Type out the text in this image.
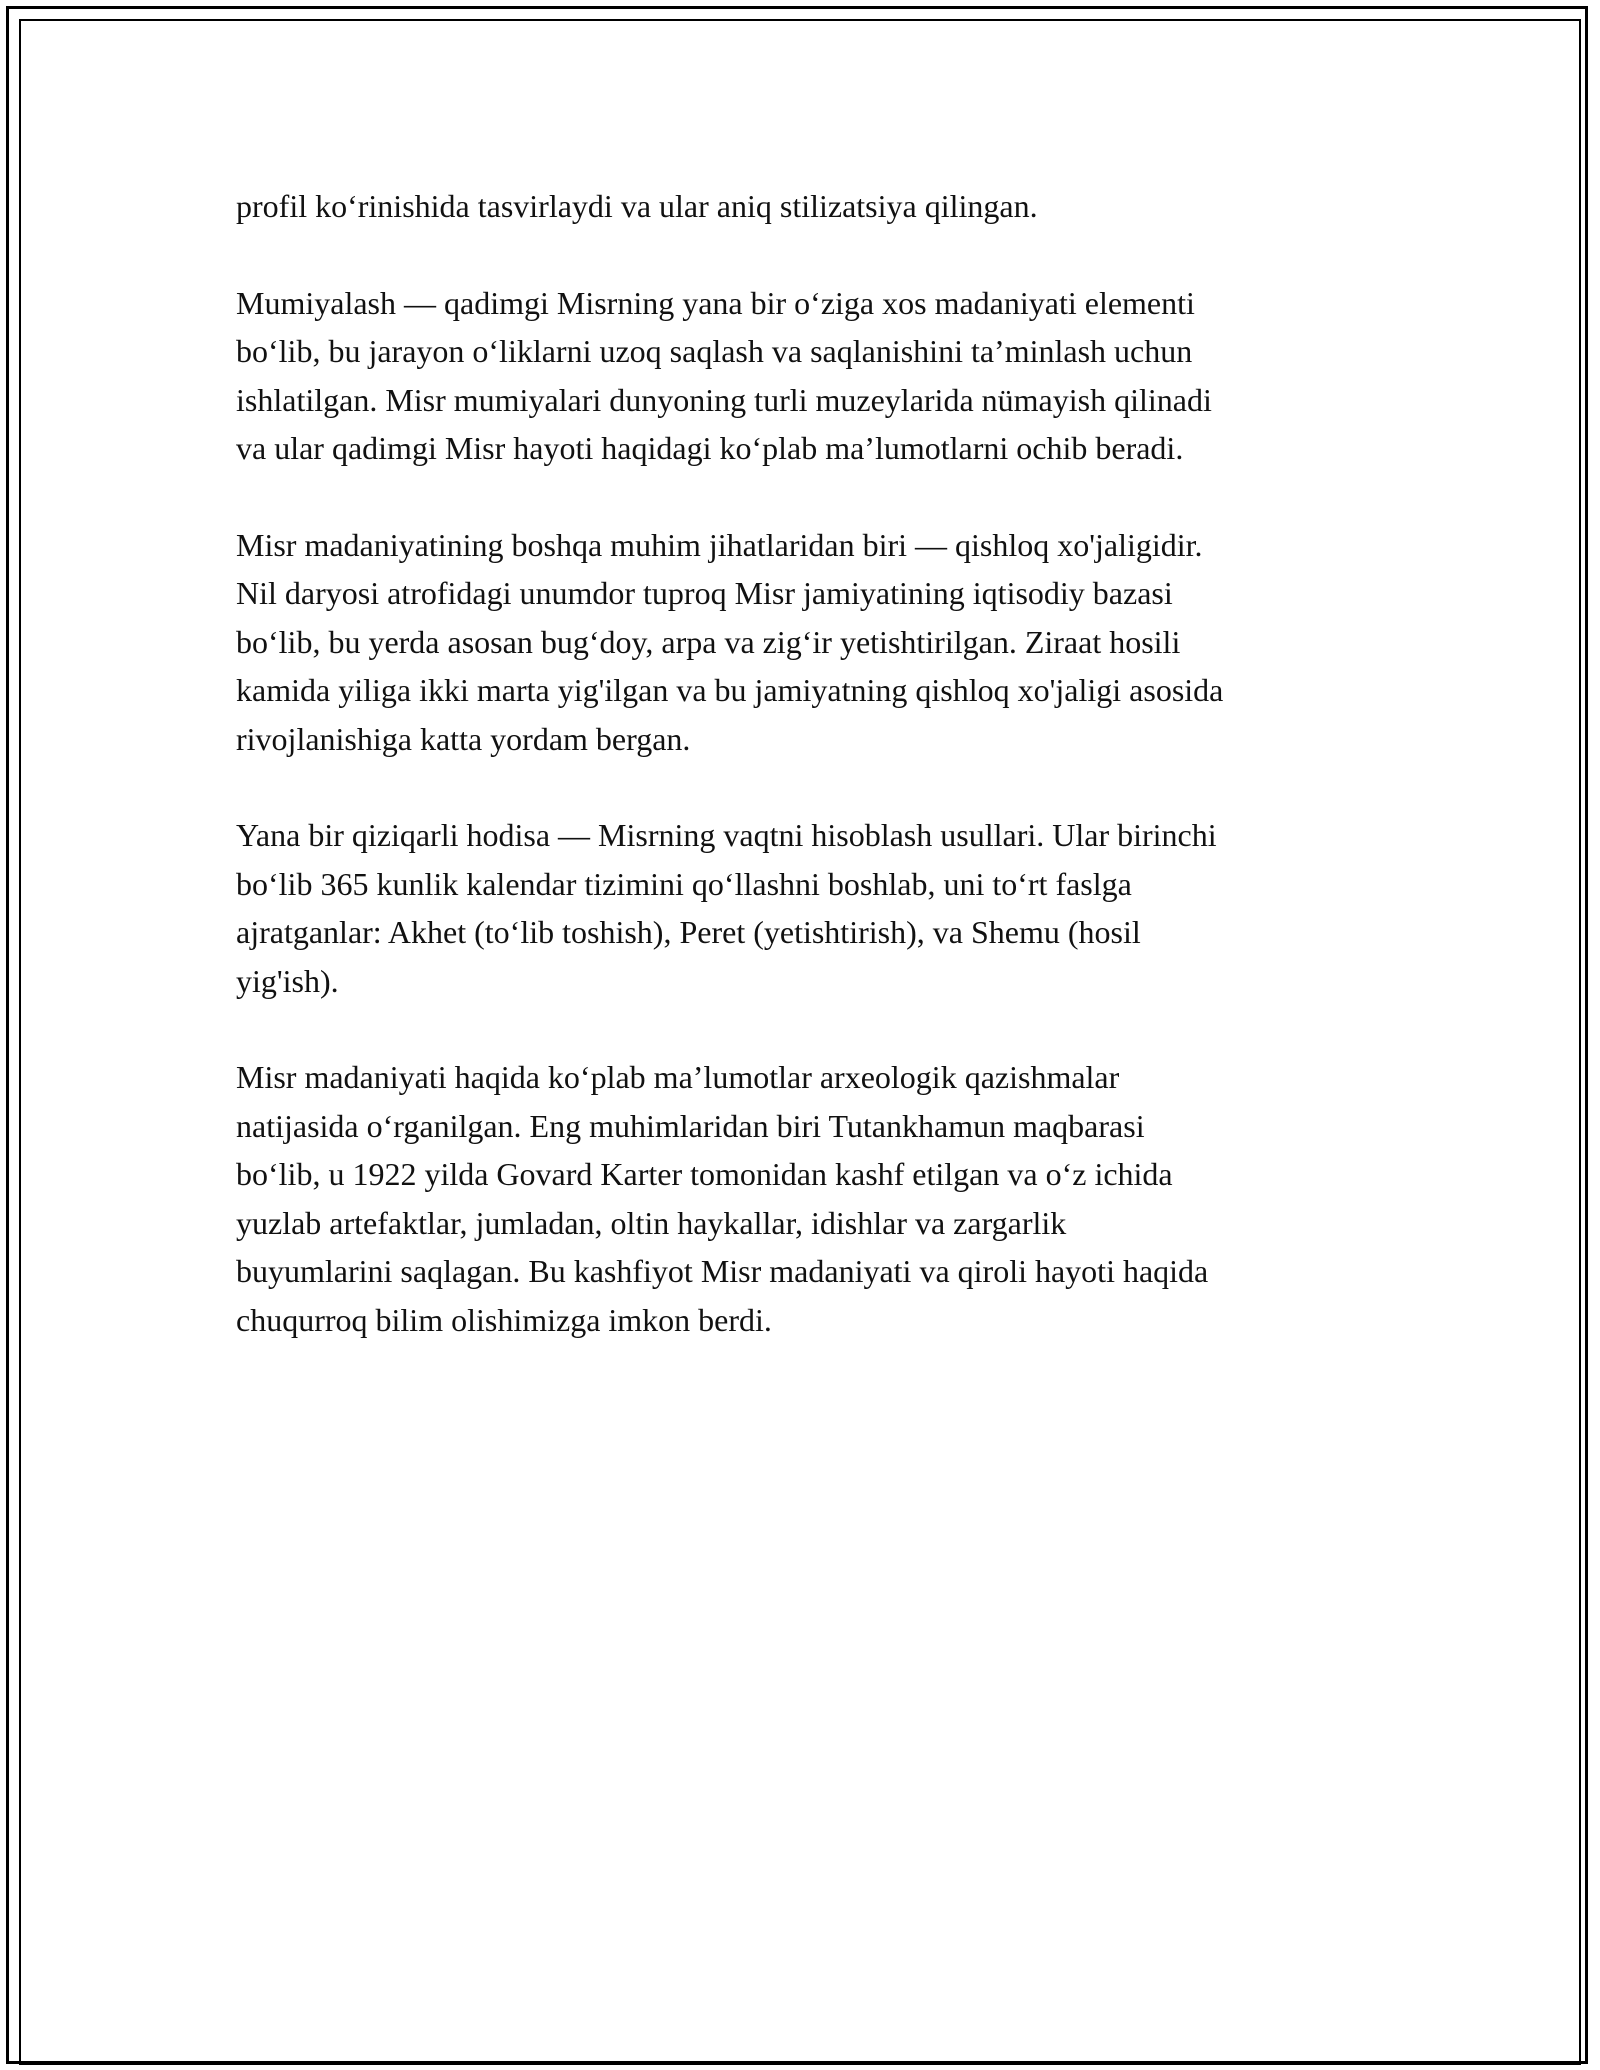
profil ko‘rinishida tasvirlaydi va ular aniq stilizatsiya qilingan.

Mumiyalash — qadimgi Misrning yana bir o‘ziga xos madaniyati elementi
bo‘lib, bu jarayon o‘liklarni uzoq saqlash va saqlanishini ta’minlash uchun
ishlatilgan. Misr mumiyalari dunyoning turli muzeylarida nümayish qilinadi
va ular qadimgi Misr hayoti haqidagi ko‘plab ma’lumotlarni ochib beradi.

Misr madaniyatining boshqa muhim jihatlaridan biri — qishloq xo'jaligidir.
Nil daryosi atrofidagi unumdor tuproq Misr jamiyatining iqtisodiy bazasi
bo‘lib, bu yerda asosan bug‘doy, arpa va zig‘ir yetishtirilgan. Ziraat hosili
kamida yiliga ikki marta yig'ilgan va bu jamiyatning qishloq xo'jaligi asosida
rivojlanishiga katta yordam bergan.

Yana bir qiziqarli hodisa — Misrning vaqtni hisoblash usullari. Ular birinchi
bo‘lib 365 kunlik kalendar tizimini qo‘llashni boshlab, uni to‘rt faslga
ajratganlar: Akhet (to‘lib toshish), Peret (yetishtirish), va Shemu (hosil
yig'ish).

Misr madaniyati haqida ko‘plab ma’lumotlar arxeologik qazishmalar
natijasida o‘rganilgan. Eng muhimlaridan biri Tutankhamun maqbarasi
bo‘lib, u 1922 yilda Govard Karter tomonidan kashf etilgan va o‘z ichida
yuzlab artefaktlar, jumladan, oltin haykallar, idishlar va zargarlik
buyumlarini saqlagan. Bu kashfiyot Misr madaniyati va qiroli hayoti haqida
chuqurroq bilim olishimizga imkon berdi.
